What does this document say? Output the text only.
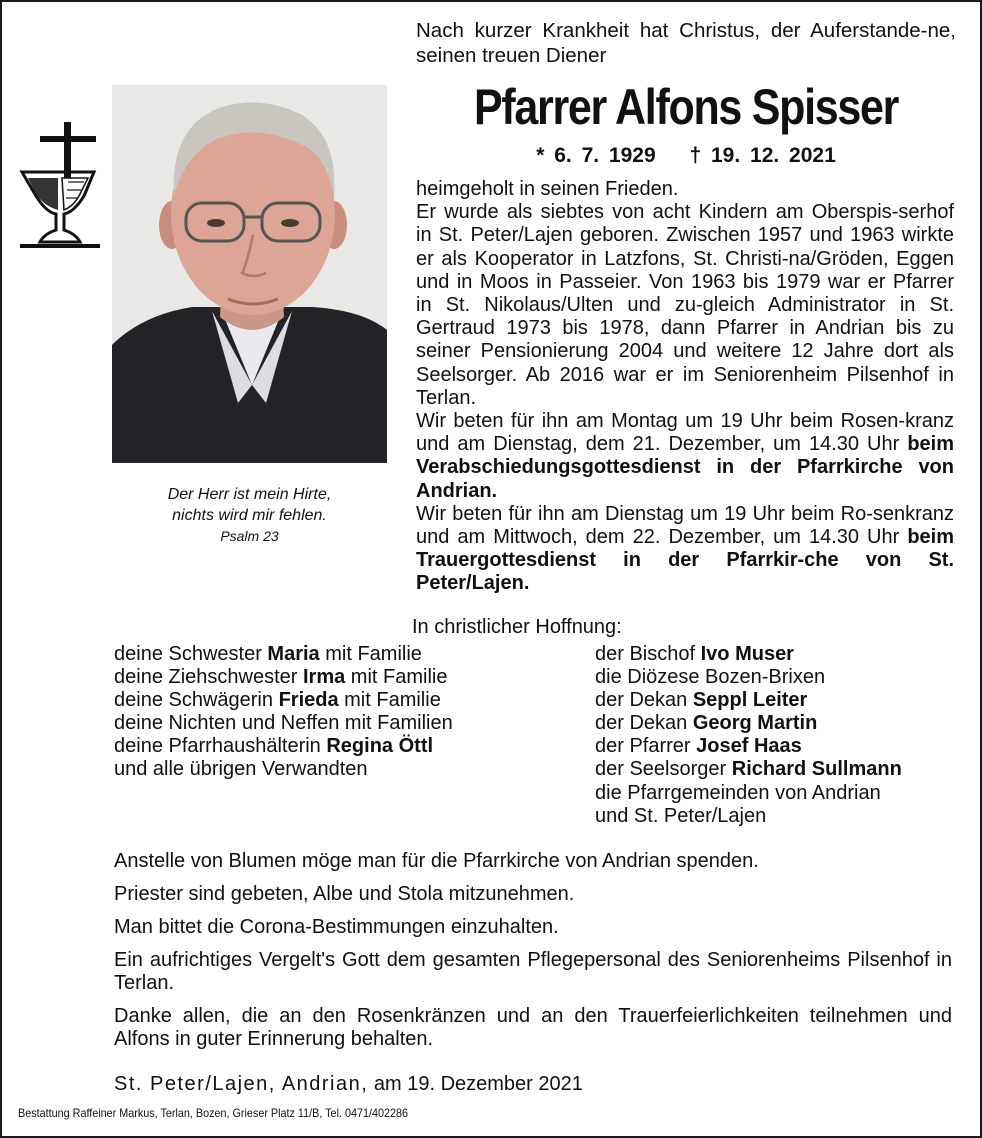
Nach kurzer Krankheit hat Christus, der Auferstande-ne, seinen treuen Diener
Pfarrer Alfons Spisser
* 6. 7. 1929 † 19. 12. 2021

heimgeholt in seinen Frieden.

Er wurde als siebtes von acht Kindern am Oberspis-serhof in St. Peter/Lajen geboren. Zwischen 1957 und 1963 wirkte er als Kooperator in Latzfons, St. Christi-na/Gröden, Eggen und in Moos in Passeier. Von 1963 bis 1979 war er Pfarrer in St. Nikolaus/Ulten und zu-gleich Administrator in St. Gertraud 1973 bis 1978, dann Pfarrer in Andrian bis zu seiner Pensionierung 2004 und weitere 12 Jahre dort als Seelsorger. Ab 2016 war er im Seniorenheim Pilsenhof in Terlan.

Wir beten für ihn am Montag um 19 Uhr beim Rosen-kranz und am Dienstag, dem 21. Dezember, um 14.30 Uhr beim Verabschiedungsgottesdienst in der Pfarrkirche von Andrian.

Wir beten für ihn am Dienstag um 19 Uhr beim Ro-senkranz und am Mittwoch, dem 22. Dezember, um 14.30 Uhr beim Trauergottesdienst in der Pfarrkir-che von St. Peter/Lajen.

Der Herr ist mein Hirte,
nichts wird mir fehlen.
Psalm 23
In christlicher Hoffnung:
deine Schwester Maria mit Familie
deine Ziehschwester Irma mit Familie
deine Schwägerin Frieda mit Familie
deine Nichten und Neffen mit Familien
deine Pfarrhaushälterin Regina Öttl
und alle übrigen Verwandten
der Bischof Ivo Muser
die Diözese Bozen-Brixen
der Dekan Seppl Leiter
der Dekan Georg Martin
der Pfarrer Josef Haas
der Seelsorger Richard Sullmann
die Pfarrgemeinden von Andrian
und St. Peter/Lajen

Anstelle von Blumen möge man für die Pfarrkirche von Andrian spenden.

Priester sind gebeten, Albe und Stola mitzunehmen.

Man bittet die Corona-Bestimmungen einzuhalten.

Ein aufrichtiges Vergelt's Gott dem gesamten Pflegepersonal des Seniorenheims Pilsenhof in Terlan.

Danke allen, die an den Rosenkränzen und an den Trauerfeierlichkeiten teilnehmen und Alfons in guter Erinnerung behalten.

St. Peter/Lajen, Andrian, am 19. Dezember 2021
Bestattung Raffeiner Markus, Terlan, Bozen, Grieser Platz 11/B, Tel. 0471/402286
